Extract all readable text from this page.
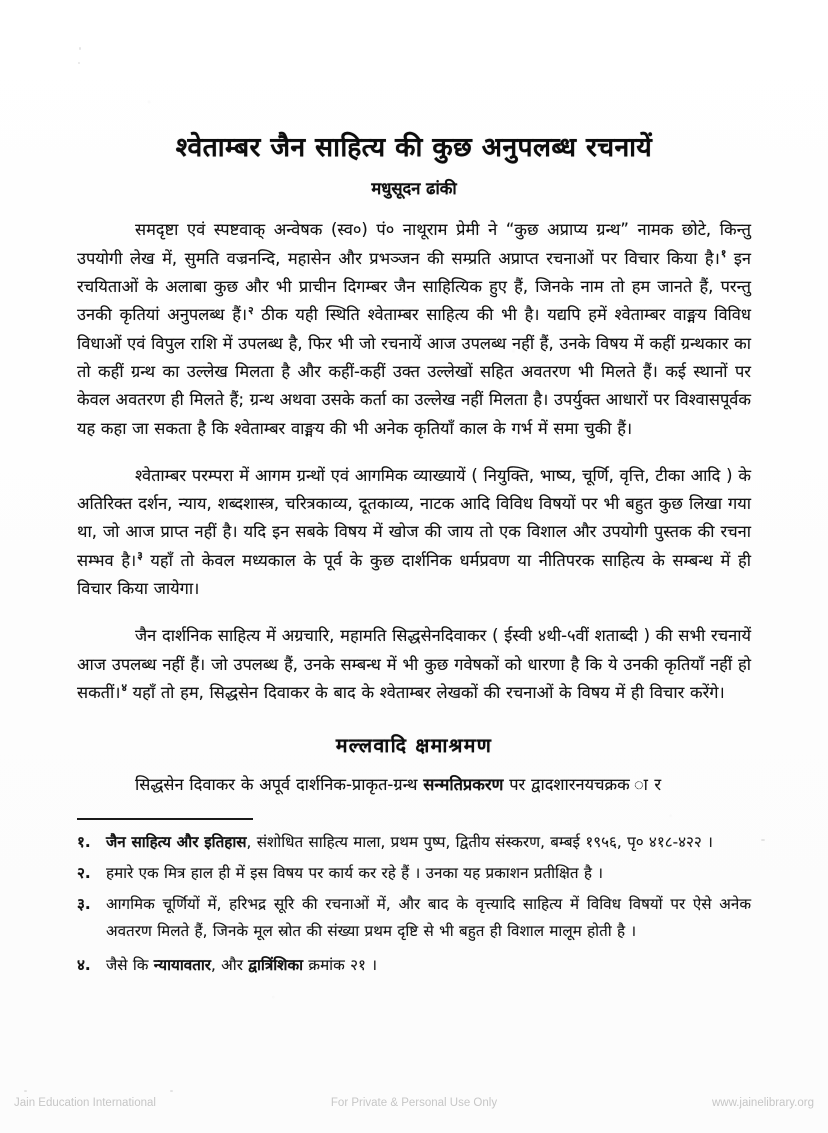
श्वेताम्बर जैन साहित्य की कुछ अनुपलब्ध रचनायें
मधुसूदन ढांकी

समदृष्टा एवं स्पष्टवाक् अन्वेषक (स्व०) पं० नाथूराम प्रेमी ने “कुछ अप्राप्य ग्रन्थ” नामक छोटे, किन्तु उपयोगी लेख में, सुमति वज्रनन्दि, महासेन और प्रभञ्जन की सम्प्रति अप्राप्त रचनाओं पर विचार किया है।$^१$ इन रचयिताओं के अलाबा कुछ और भी प्राचीन दिगम्बर जैन साहित्यिक हुए हैं, जिनके नाम तो हम जानते हैं, परन्तु उनकी कृतियां अनुपलब्ध हैं।$^२$ ठीक यही स्थिति श्वेताम्बर साहित्य की भी है। यद्यपि हमें श्वेताम्बर वाङ्मय विविध विधाओं एवं विपुल राशि में उपलब्ध है, फिर भी जो रचनायें आज उपलब्ध नहीं हैं, उनके विषय में कहीं ग्रन्थकार का तो कहीं ग्रन्थ का उल्लेख मिलता है और कहीं-कहीं उक्त उल्लेखों सहित अवतरण भी मिलते हैं। कई स्थानों पर केवल अवतरण ही मिलते हैं; ग्रन्थ अथवा उसके कर्ता का उल्लेख नहीं मिलता है। उपर्युक्त आधारों पर विश्वासपूर्वक यह कहा जा सकता है कि श्वेताम्बर वाङ्मय की भी अनेक कृतियाँ काल के गर्भ में समा चुकी हैं।

श्वेताम्बर परम्परा में आगम ग्रन्थों एवं आगमिक व्याख्यायें ( नियुक्ति, भाष्य, चूर्णि, वृत्ति, टीका आदि ) के अतिरिक्त दर्शन, न्याय, शब्दशास्त्र, चरित्रकाव्य, दूतकाव्य, नाटक आदि विविध विषयों पर भी बहुत कुछ लिखा गया था, जो आज प्राप्त नहीं है। यदि इन सबके विषय में खोज की जाय तो एक विशाल और उपयोगी पुस्तक की रचना सम्भव है।$^३$ यहाँ तो केवल मध्यकाल के पूर्व के कुछ दार्शनिक धर्मप्रवण या नीतिपरक साहित्य के सम्बन्ध में ही विचार किया जायेगा।

जैन दार्शनिक साहित्य में अग्रचारि, महामति सिद्धसेनदिवाकर ( ईस्वी ४थी-५वीं शताब्दी ) की सभी रचनायें आज उपलब्ध नहीं हैं। जो उपलब्ध हैं, उनके सम्बन्ध में भी कुछ गवेषकों को धारणा है कि ये उनकी कृतियाँ नहीं हो सकतीं।$^४$ यहाँ तो हम, सिद्धसेन दिवाकर के बाद के श्वेताम्बर लेखकों की रचनाओं के विषय में ही विचार करेंगे।

मल्लवादि क्षमाश्रमण

सिद्धसेन दिवाकर के अपूर्व दार्शनिक-प्राकृत-ग्रन्थ सन्मतिप्रकरण पर द्वादशारनयचक्रक ा र

१.	जैन साहित्य और इतिहास, संशोधित साहित्य माला, प्रथम पुष्प, द्वितीय संस्करण, बम्बई १९५६, पृ० ४१८-४२२ ।
२.	हमारे एक मित्र हाल ही में इस विषय पर कार्य कर रहे हैं । उनका यह प्रकाशन प्रतीक्षित है ।
३.	आगमिक चूर्णियों में, हरिभद्र सूरि की रचनाओं में, और बाद के वृत्त्यादि साहित्य में विविध विषयों पर ऐसे अनेक अवतरण मिलते हैं, जिनके मूल स्रोत की संख्या प्रथम दृष्टि से भी बहुत ही विशाल मालूम होती है ।
४.	जैसे कि न्यायावतार, और द्वात्रिंशिका क्रमांक २१ ।
Jain Education International	For Private & Personal Use Only	www.jainelibrary.org
